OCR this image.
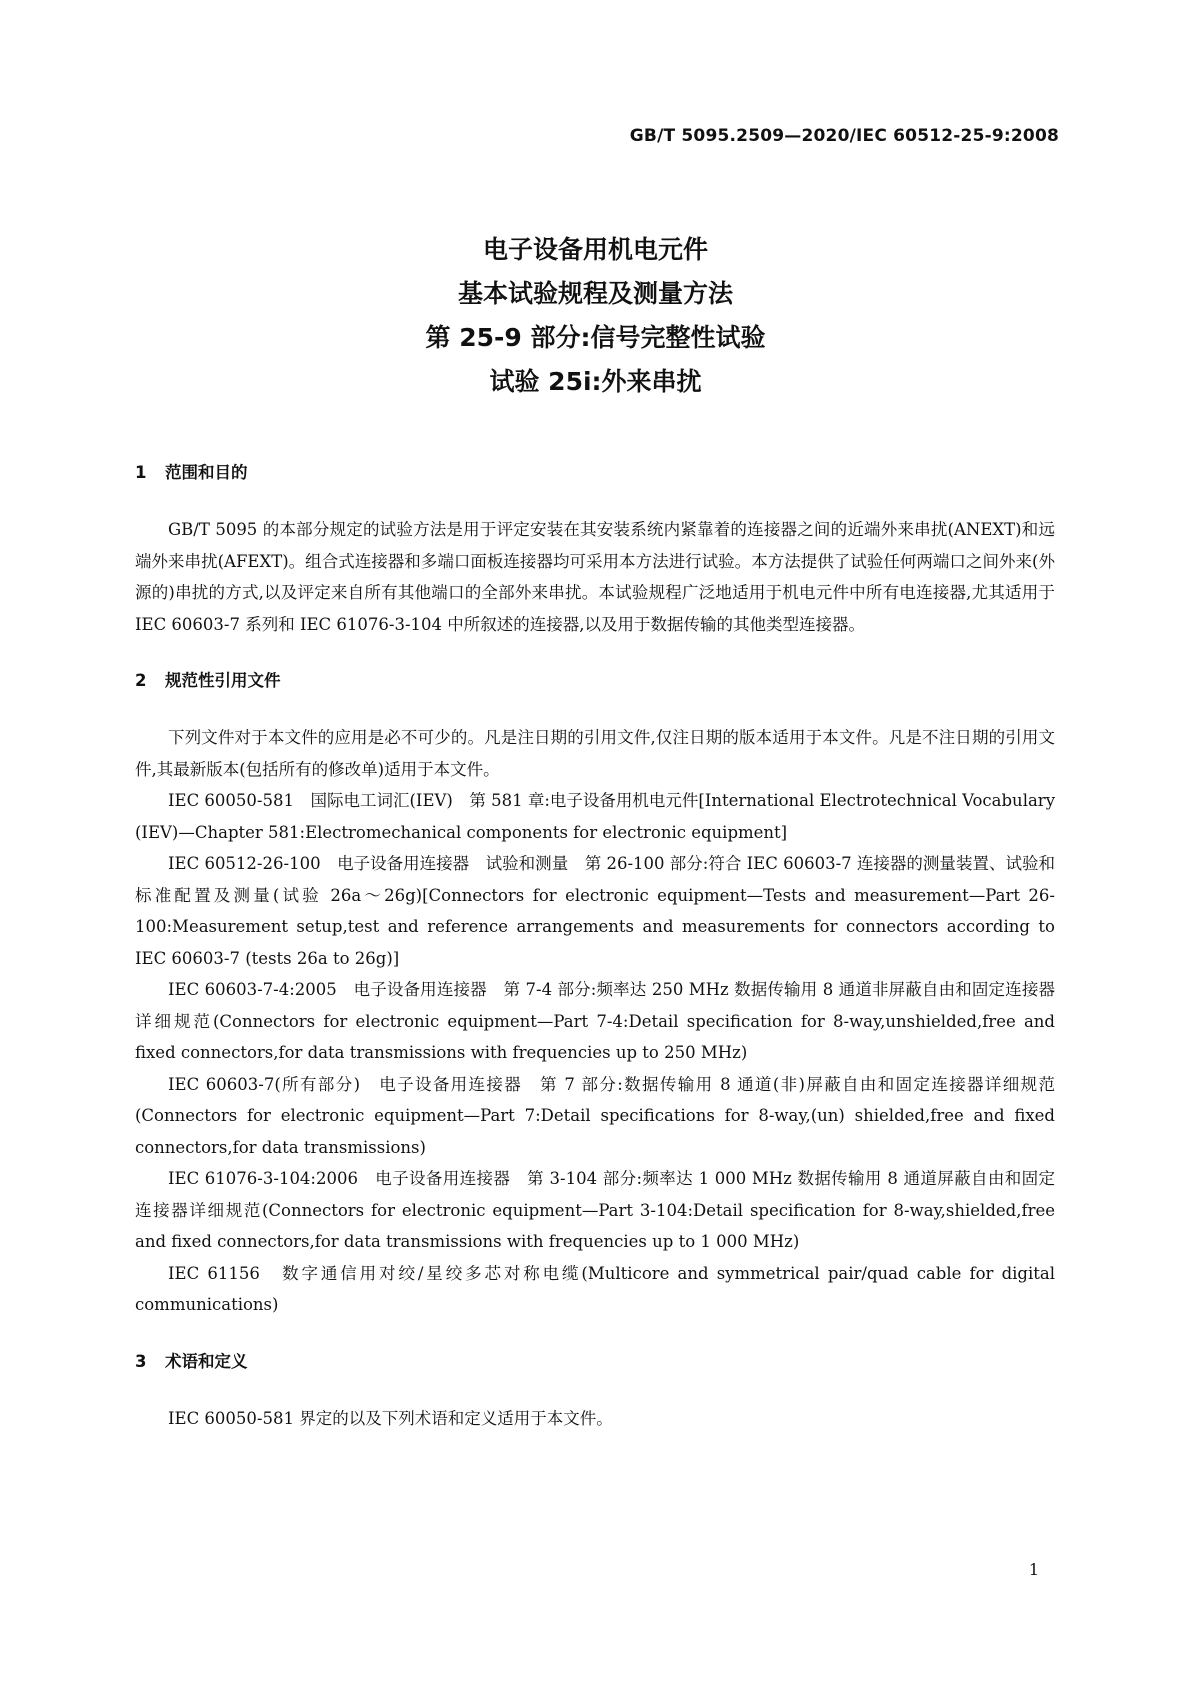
GB/T 5095.2509—2020/IEC 60512-25-9:2008
电子设备用机电元件
基本试验规程及测量方法
第 25-9 部分:信号完整性试验
试验 25i:外来串扰
1 范围和目的

GB/T 5095 的本部分规定的试验方法是用于评定安装在其安装系统内紧靠着的连接器之间的近端外来串扰(ANEXT)和远端外来串扰(AFEXT)。组合式连接器和多端口面板连接器均可采用本方法进行试验。本方法提供了试验任何两端口之间外来(外源的)串扰的方式,以及评定来自所有其他端口的全部外来串扰。本试验规程广泛地适用于机电元件中所有电连接器,尤其适用于 IEC 60603-7 系列和 IEC 61076-3-104 中所叙述的连接器,以及用于数据传输的其他类型连接器。

2 规范性引用文件

下列文件对于本文件的应用是必不可少的。凡是注日期的引用文件,仅注日期的版本适用于本文件。凡是不注日期的引用文件,其最新版本(包括所有的修改单)适用于本文件。

IEC 60050-581　国际电工词汇(IEV)　第 581 章:电子设备用机电元件[International Electrotechnical Vocabulary (IEV)—Chapter 581:Electromechanical components for electronic equipment]

IEC 60512-26-100　电子设备用连接器　试验和测量　第 26-100 部分:符合 IEC 60603-7 连接器的测量装置、试验和标准配置及测量(试验 26a～26g)[Connectors for electronic equipment—Tests and measurement—Part 26-100:Measurement setup,test and reference arrangements and measurements for connectors according to IEC 60603-7 (tests 26a to 26g)]

IEC 60603-7-4:2005　电子设备用连接器　第 7-4 部分:频率达 250 MHz 数据传输用 8 通道非屏蔽自由和固定连接器详细规范(Connectors for electronic equipment—Part 7-4:Detail specification for 8-way,unshielded,free and fixed connectors,for data transmissions with frequencies up to 250 MHz)

IEC 60603-7(所有部分)　电子设备用连接器　第 7 部分:数据传输用 8 通道(非)屏蔽自由和固定连接器详细规范(Connectors for electronic equipment—Part 7:Detail specifications for 8-way,(un) shielded,free and fixed connectors,for data transmissions)

IEC 61076-3-104:2006　电子设备用连接器　第 3-104 部分:频率达 1 000 MHz 数据传输用 8 通道屏蔽自由和固定连接器详细规范(Connectors for electronic equipment—Part 3-104:Detail specification for 8-way,shielded,free and fixed connectors,for data transmissions with frequencies up to 1 000 MHz)

IEC 61156　数字通信用对绞/星绞多芯对称电缆(Multicore and symmetrical pair/quad cable for digital communications)

3 术语和定义

IEC 60050-581 界定的以及下列术语和定义适用于本文件。

1
